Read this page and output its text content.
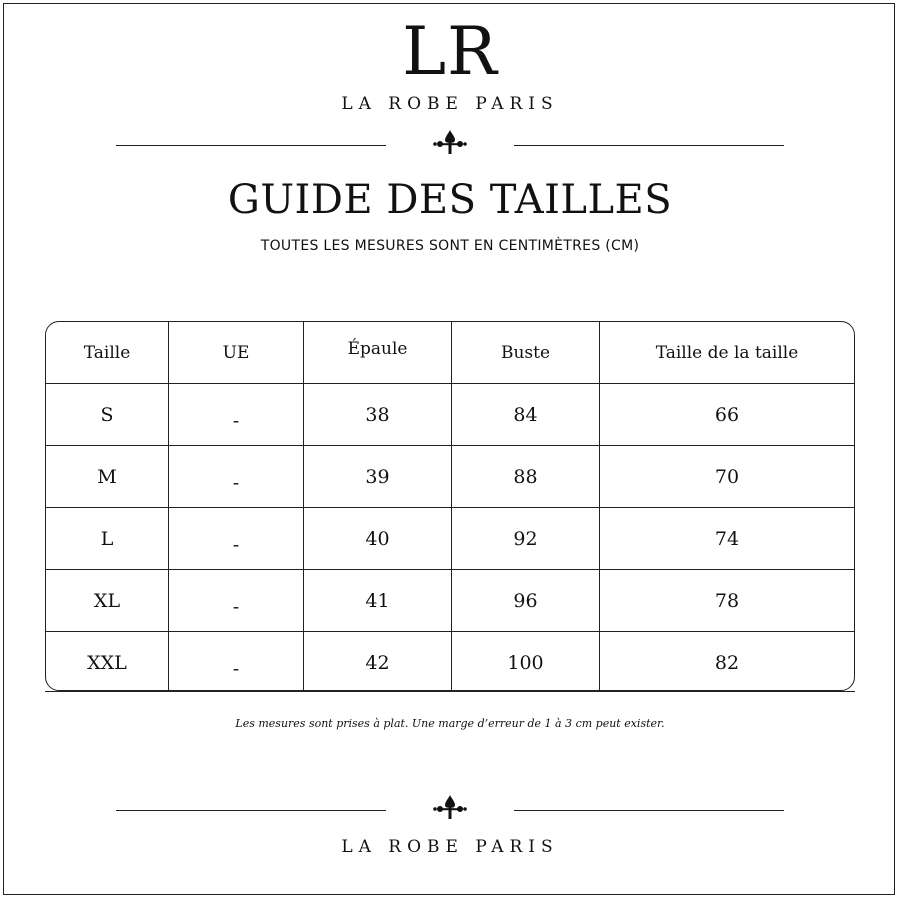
LR
LA ROBE PARIS
GUIDE DES TAILLES
TOUTES LES MESURES SONT EN CENTIMÈTRES (CM)
Taille	UE	Épaule	Buste	Taille de la taille
S	-	38	84	66
M	-	39	88	70
L	-	40	92	74
XL	-	41	96	78
XXL	-	42	100	82
Les mesures sont prises à plat. Une marge d’erreur de 1 à 3 cm peut exister.
LA ROBE PARIS
